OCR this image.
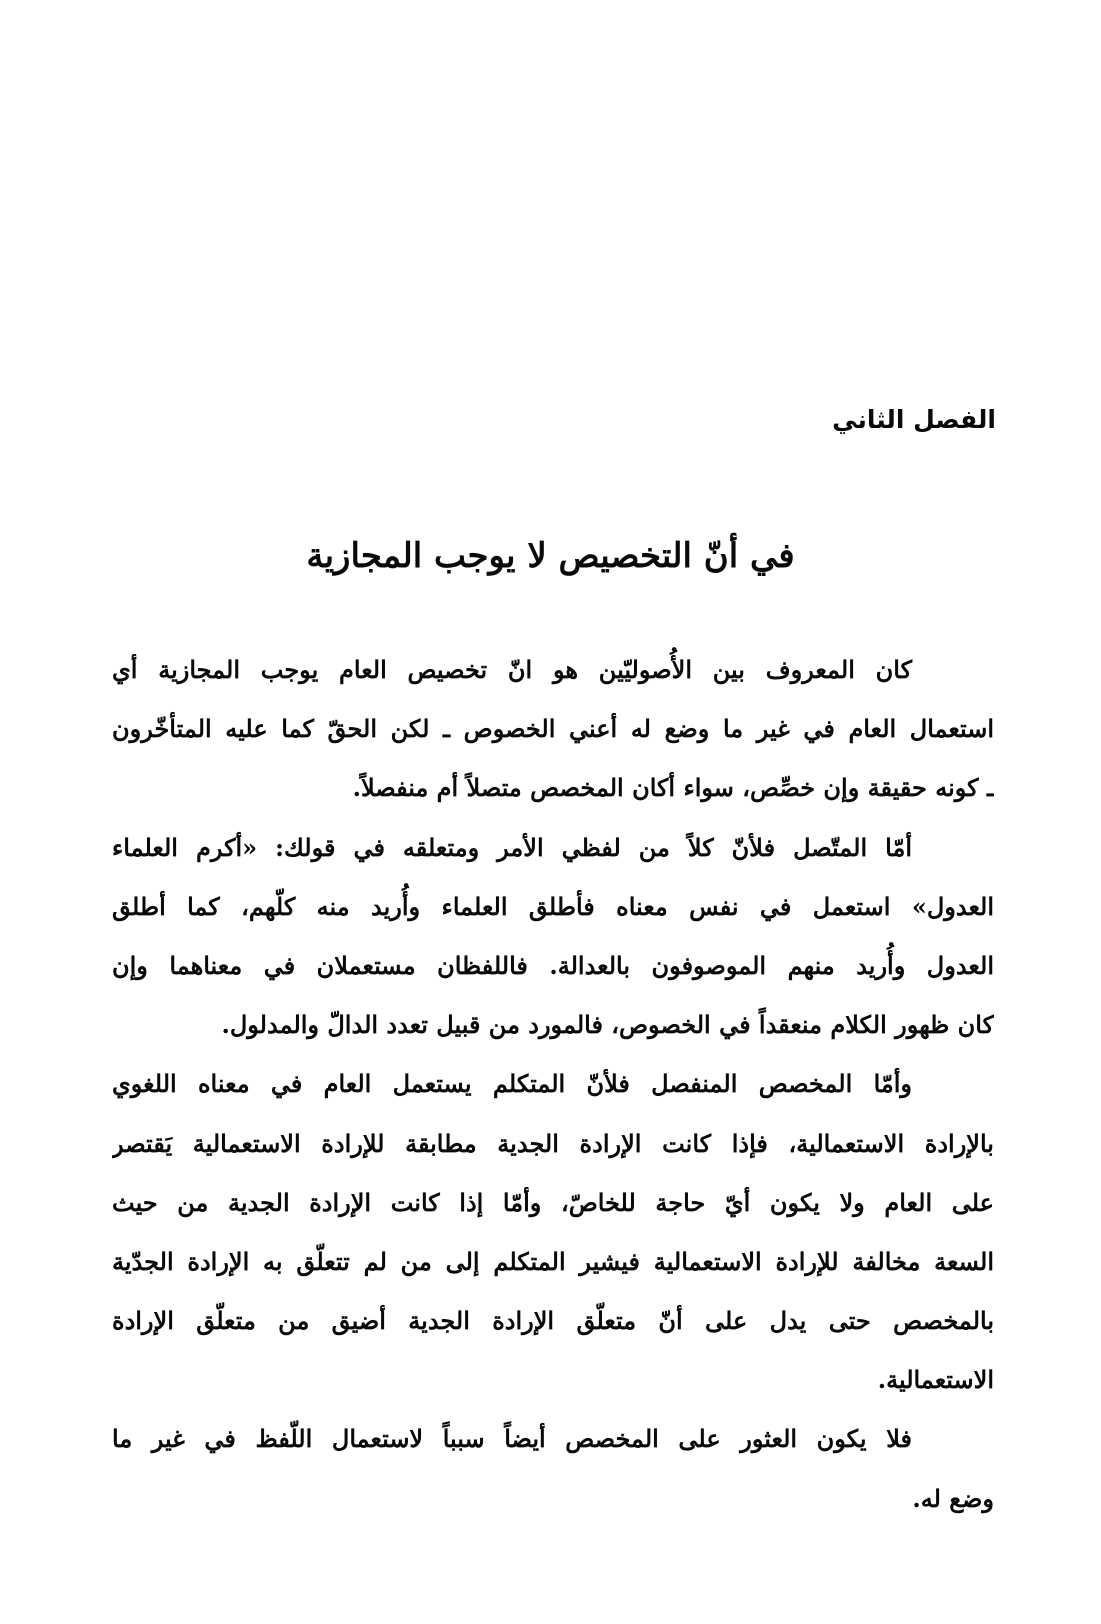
الفصل الثاني
في أنّ التخصيص لا يوجب المجازية
كان المعروف بين الأُصوليّين هو انّ تخصيص العام يوجب المجازية أي
استعمال العام في غير ما وضع له أعني الخصوص ـ لكن الحقّ كما عليه المتأخّرون
ـ كونه حقيقة وإن خصِّص، سواء أكان المخصص متصلاً أم منفصلاً.
أمّا المتّصل فلأنّ كلاً من لفظي الأمر ومتعلقه في قولك: «أكرم العلماء
العدول» استعمل في نفس معناه فأطلق العلماء وأُريد منه كلّهم، كما أطلق
العدول وأُريد منهم الموصوفون بالعدالة. فاللفظان مستعملان في معناهما وإن
كان ظهور الكلام منعقداً في الخصوص، فالمورد من قبيل تعدد الدالّ والمدلول.
وأمّا المخصص المنفصل فلأنّ المتكلم يستعمل العام في معناه اللغوي
بالإرادة الاستعمالية، فإذا كانت الإرادة الجدية مطابقة للإرادة الاستعمالية يَقتصر
على العام ولا يكون أيّ حاجة للخاصّ، وأمّا إذا كانت الإرادة الجدية من حيث
السعة مخالفة للإرادة الاستعمالية فيشير المتكلم إلى من لم تتعلّق به الإرادة الجدّية
بالمخصص حتى يدل على أنّ متعلّق الإرادة الجدية أضيق من متعلّق الإرادة
الاستعمالية.
فلا يكون العثور على المخصص أيضاً سبباً لاستعمال اللّفظ في غير ما
وضع له.
